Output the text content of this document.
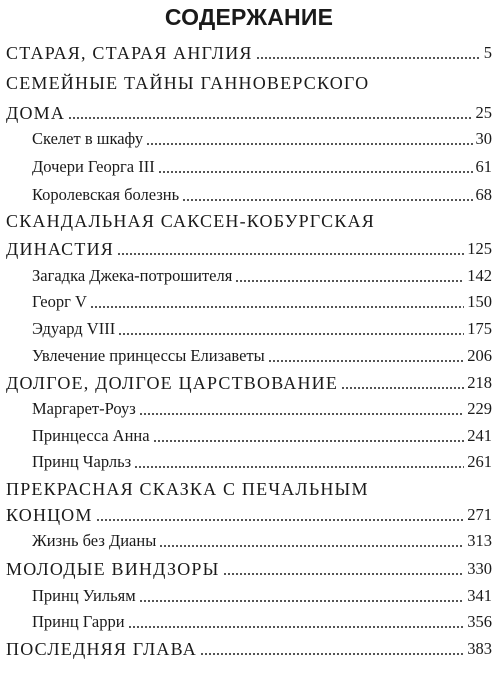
СОДЕРЖАНИЕ
СТАРАЯ, СТАРАЯ АНГЛИЯ	5
СЕМЕЙНЫЕ ТАЙНЫ ГАННОВЕРСКОГО
ДОМА	25
Скелет в шкафу	30
Дочери Георга III	61
Королевская болезнь	68
СКАНДАЛЬНАЯ САКСЕН-КОБУРГСКАЯ
ДИНАСТИЯ	125
Загадка Джека-потрошителя	142
Георг V	150
Эдуард VIII	175
Увлечение принцессы Елизаветы	206
ДОЛГОЕ, ДОЛГОЕ ЦАРСТВОВАНИЕ	218
Маргарет-Роуз	229
Принцесса Анна	241
Принц Чарльз	261
ПРЕКРАСНАЯ СКАЗКА С ПЕЧАЛЬНЫМ
КОНЦОМ	271
Жизнь без Дианы	313
МОЛОДЫЕ ВИНДЗОРЫ	330
Принц Уильям	341
Принц Гарри	356
ПОСЛЕДНЯЯ ГЛАВА	383
